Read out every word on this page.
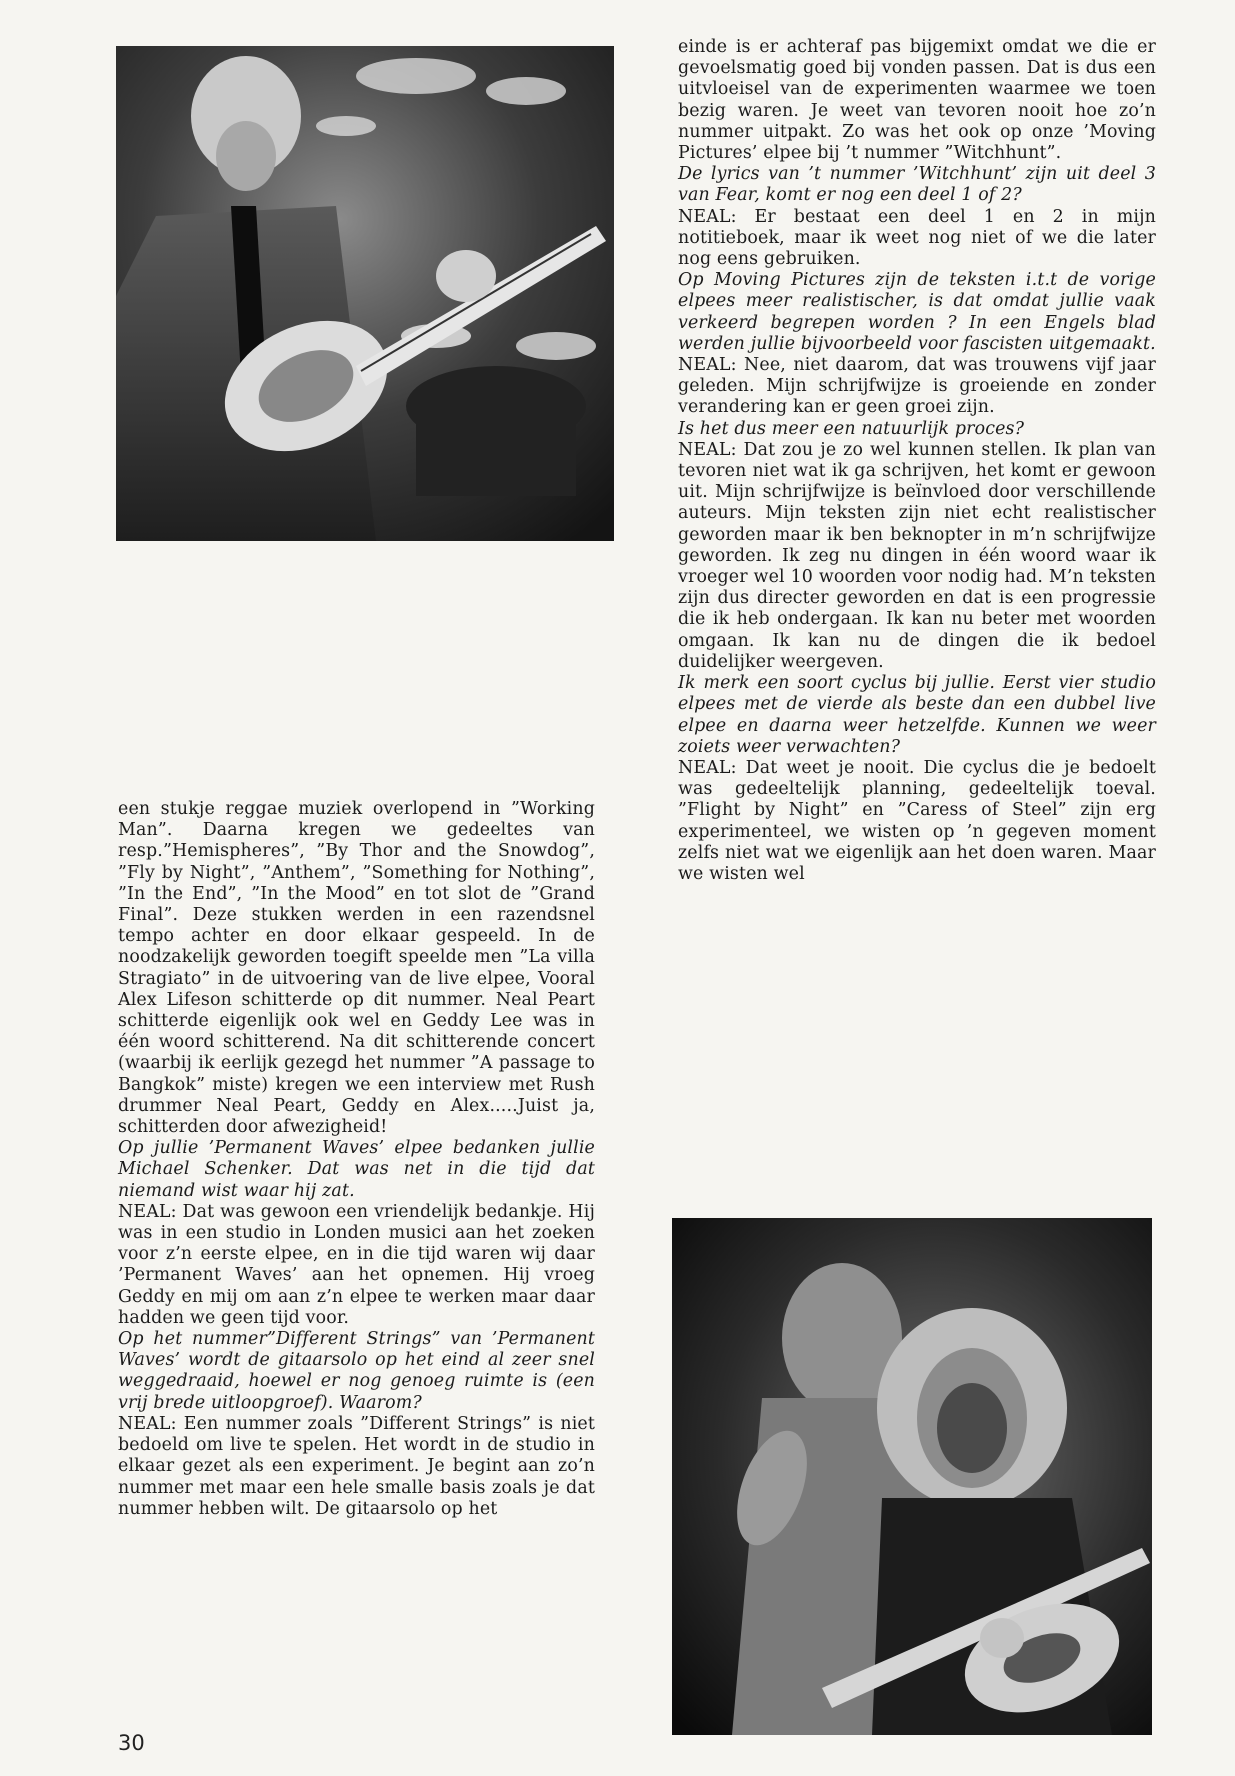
een stukje reggae muziek overlopend in ”Working Man”. Daarna kregen we gedeeltes van resp.”Hemispheres”, ”By Thor and the Snowdog”, ”Fly by Night”, ”Anthem”, ”Something for Nothing”, ”In the End”, ”In the Mood” en tot slot de ”Grand Final”. Deze stukken werden in een razendsnel tempo achter en door elkaar gespeeld. In de noodzakelijk geworden toegift speelde men ”La villa Stragiato” in de uitvoering van de live elpee, Vooral Alex Lifeson schitterde op dit nummer. Neal Peart schitterde eigenlijk ook wel en Geddy Lee was in één woord schitterend. Na dit schitterende concert (waarbij ik eerlijk gezegd het nummer ”A passage to Bangkok” miste) kregen we een interview met Rush drummer Neal Peart, Geddy en Alex.....Juist ja, schitterden door afwezigheid!

Op jullie ’Permanent Waves’ elpee bedanken jullie Michael Schenker. Dat was net in die tijd dat niemand wist waar hij zat.

NEAL: Dat was gewoon een vriendelijk bedankje. Hij was in een studio in Londen musici aan het zoeken voor z’n eerste elpee, en in die tijd waren wij daar ’Permanent Waves’ aan het opnemen. Hij vroeg Geddy en mij om aan z’n elpee te werken maar daar hadden we geen tijd voor.

Op het nummer”Different Strings” van ’Permanent Waves’ wordt de gitaarsolo op het eind al zeer snel weggedraaid, hoewel er nog genoeg ruimte is (een vrij brede uitloopgroef). Waarom?

NEAL: Een nummer zoals ”Different Strings” is niet bedoeld om live te spelen. Het wordt in de studio in elkaar gezet als een experiment. Je begint aan zo’n nummer met maar een hele smalle basis zoals je dat nummer hebben wilt. De gitaarsolo op het

einde is er achteraf pas bijgemixt omdat we die er gevoelsmatig goed bij vonden passen. Dat is dus een uitvloeisel van de experimenten waarmee we toen bezig waren. Je weet van tevoren nooit hoe zo’n nummer uitpakt. Zo was het ook op onze ’Moving Pictures’ elpee bij ’t nummer ”Witchhunt”.

De lyrics van ’t nummer ’Witchhunt’ zijn uit deel 3 van Fear, komt er nog een deel 1 of 2?

NEAL: Er bestaat een deel 1 en 2 in mijn notitieboek, maar ik weet nog niet of we die later nog eens gebruiken.

Op Moving Pictures zijn de teksten i.t.t de vorige elpees meer realistischer, is dat omdat jullie vaak verkeerd begrepen worden ? In een Engels blad werden jullie bijvoorbeeld voor fascisten uitgemaakt.

NEAL: Nee, niet daarom, dat was trouwens vijf jaar geleden. Mijn schrijfwijze is groeiende en zonder verandering kan er geen groei zijn.

Is het dus meer een natuurlijk proces?

NEAL: Dat zou je zo wel kunnen stellen. Ik plan van tevoren niet wat ik ga schrijven, het komt er gewoon uit. Mijn schrijfwijze is beïnvloed door verschillende auteurs. Mijn teksten zijn niet echt realistischer geworden maar ik ben beknopter in m’n schrijfwijze geworden. Ik zeg nu dingen in één woord waar ik vroeger wel 10 woorden voor nodig had. M’n teksten zijn dus directer geworden en dat is een progressie die ik heb ondergaan. Ik kan nu beter met woorden omgaan. Ik kan nu de dingen die ik bedoel duidelijker weergeven.

Ik merk een soort cyclus bij jullie. Eerst vier studio elpees met de vierde als beste dan een dubbel live elpee en daarna weer hetzelfde. Kunnen we weer zoiets weer verwachten?

NEAL: Dat weet je nooit. Die cyclus die je bedoelt was gedeeltelijk planning, gedeeltelijk toeval. ”Flight by Night” en ”Caress of Steel” zijn erg experimenteel, we wisten op ’n gegeven moment zelfs niet wat we eigenlijk aan het doen waren. Maar we wisten wel

30
